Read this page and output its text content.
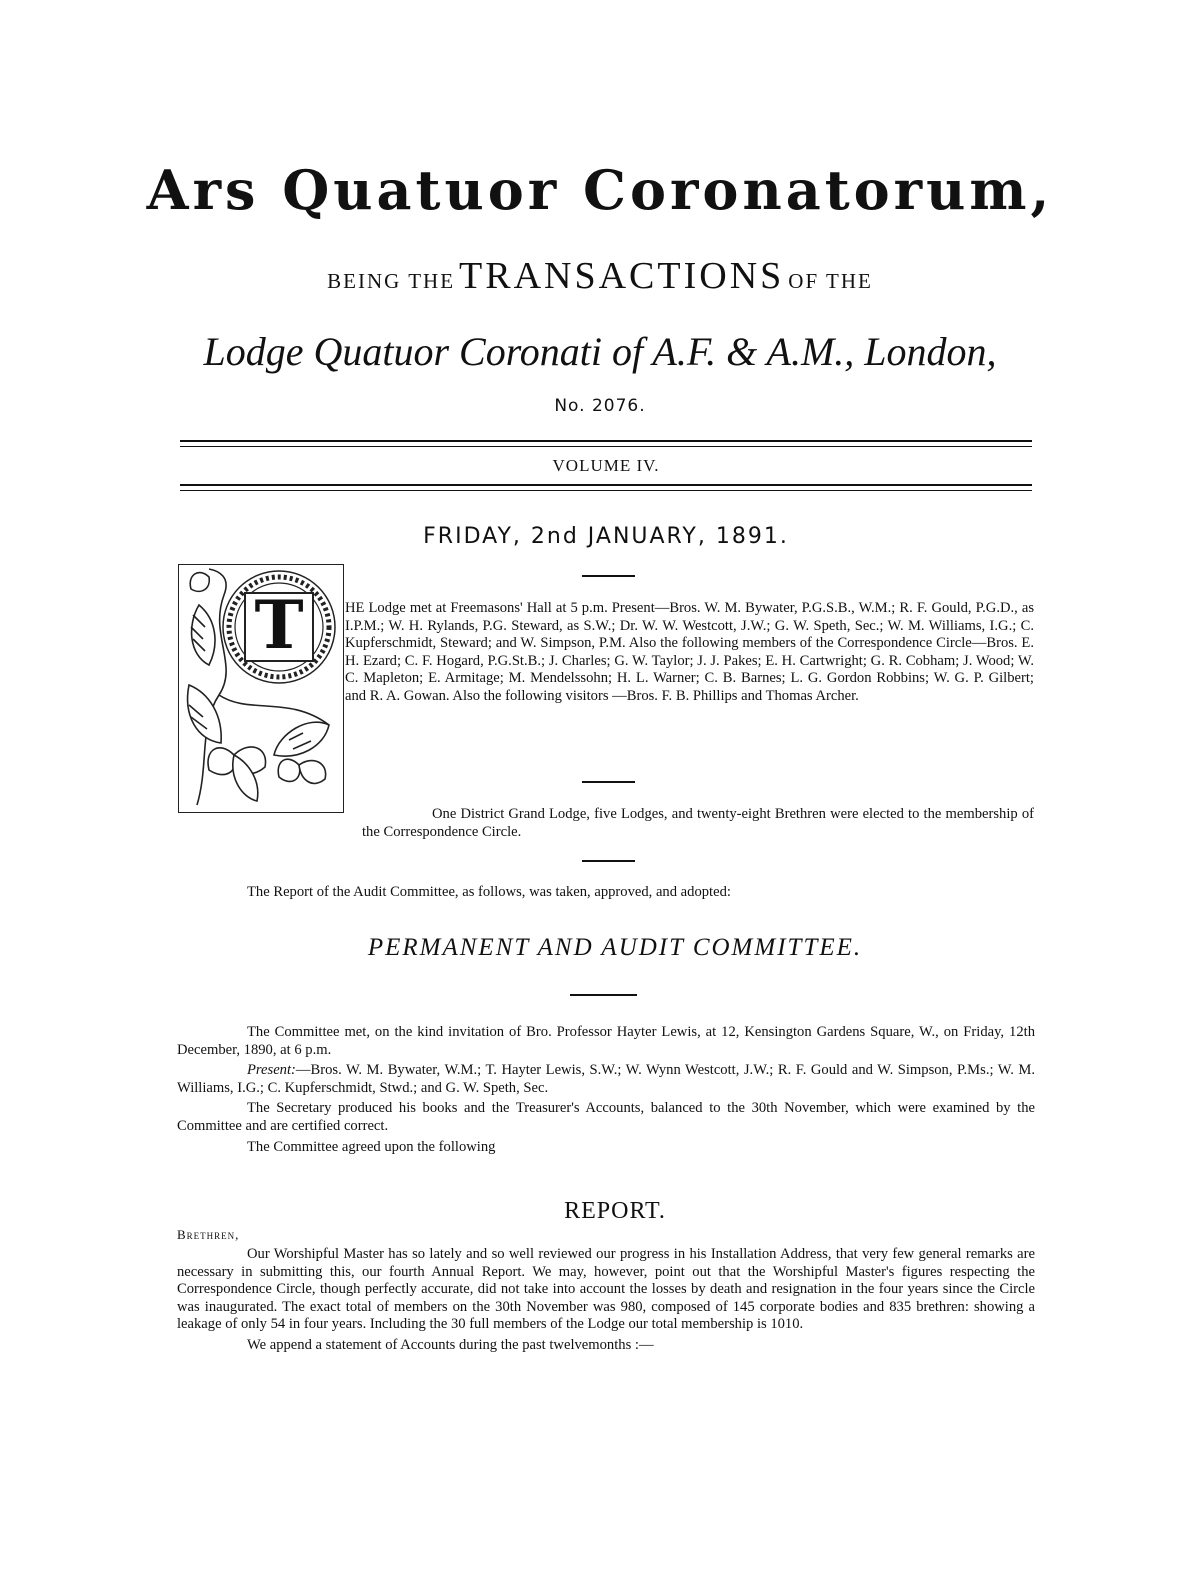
Ars Quatuor Coronatorum,
BEING THE TRANSACTIONS OF THE
Lodge Quatuor Coronati of A.F. & A.M., London,
No. 2076.
VOLUME IV.
FRIDAY, 2nd JANUARY, 1891.
T	HE Lodge met at Freemasons' Hall at 5 p.m. Present—Bros. W. M. Bywater, P.G.S.B., W.M.; R. F. Gould, P.G.D., as I.P.M.; W. H. Rylands, P.G. Steward, as S.W.; Dr. W. W. Westcott, J.W.; G. W. Speth, Sec.; W. M. Williams, I.G.; C. Kupferschmidt, Steward; and W. Simpson, P.M. Also the following members of the Correspondence Circle—Bros. E. H. Ezard; C. F. Hogard, P.G.St.B.; J. Charles; G. W. Taylor; J. J. Pakes; E. H. Cartwright; G. R. Cobham; J. Wood; W. C. Mapleton; E. Armitage; M. Mendelssohn; H. L. Warner; C. B. Barnes; L. G. Gordon Robbins; W. G. P. Gilbert; and R. A. Gowan. Also the following visitors —Bros. F. B. Phillips and Thomas Archer.
One District Grand Lodge, five Lodges, and twenty-eight Brethren were elected to the membership of the Correspondence Circle.
The Report of the Audit Committee, as follows, was taken, approved, and adopted:
PERMANENT AND AUDIT COMMITTEE.

The Committee met, on the kind invitation of Bro. Professor Hayter Lewis, at 12, Kensington Gardens Square, W., on Friday, 12th December, 1890, at 6 p.m.

Present:—Bros. W. M. Bywater, W.M.; T. Hayter Lewis, S.W.; W. Wynn Westcott, J.W.; R. F. Gould and W. Simpson, P.Ms.; W. M. Williams, I.G.; C. Kupferschmidt, Stwd.; and G. W. Speth, Sec.

The Secretary produced his books and the Treasurer's Accounts, balanced to the 30th November, which were examined by the Committee and are certified correct.

The Committee agreed upon the following

REPORT.
Brethren,

Our Worshipful Master has so lately and so well reviewed our progress in his Installation Address, that very few general remarks are necessary in submitting this, our fourth Annual Report. We may, however, point out that the Worshipful Master's figures respecting the Correspondence Circle, though perfectly accurate, did not take into account the losses by death and resignation in the four years since the Circle was inaugurated. The exact total of members on the 30th November was 980, composed of 145 corporate bodies and 835 brethren: showing a leakage of only 54 in four years. Including the 30 full members of the Lodge our total membership is 1010.

We append a statement of Accounts during the past twelvemonths :—
